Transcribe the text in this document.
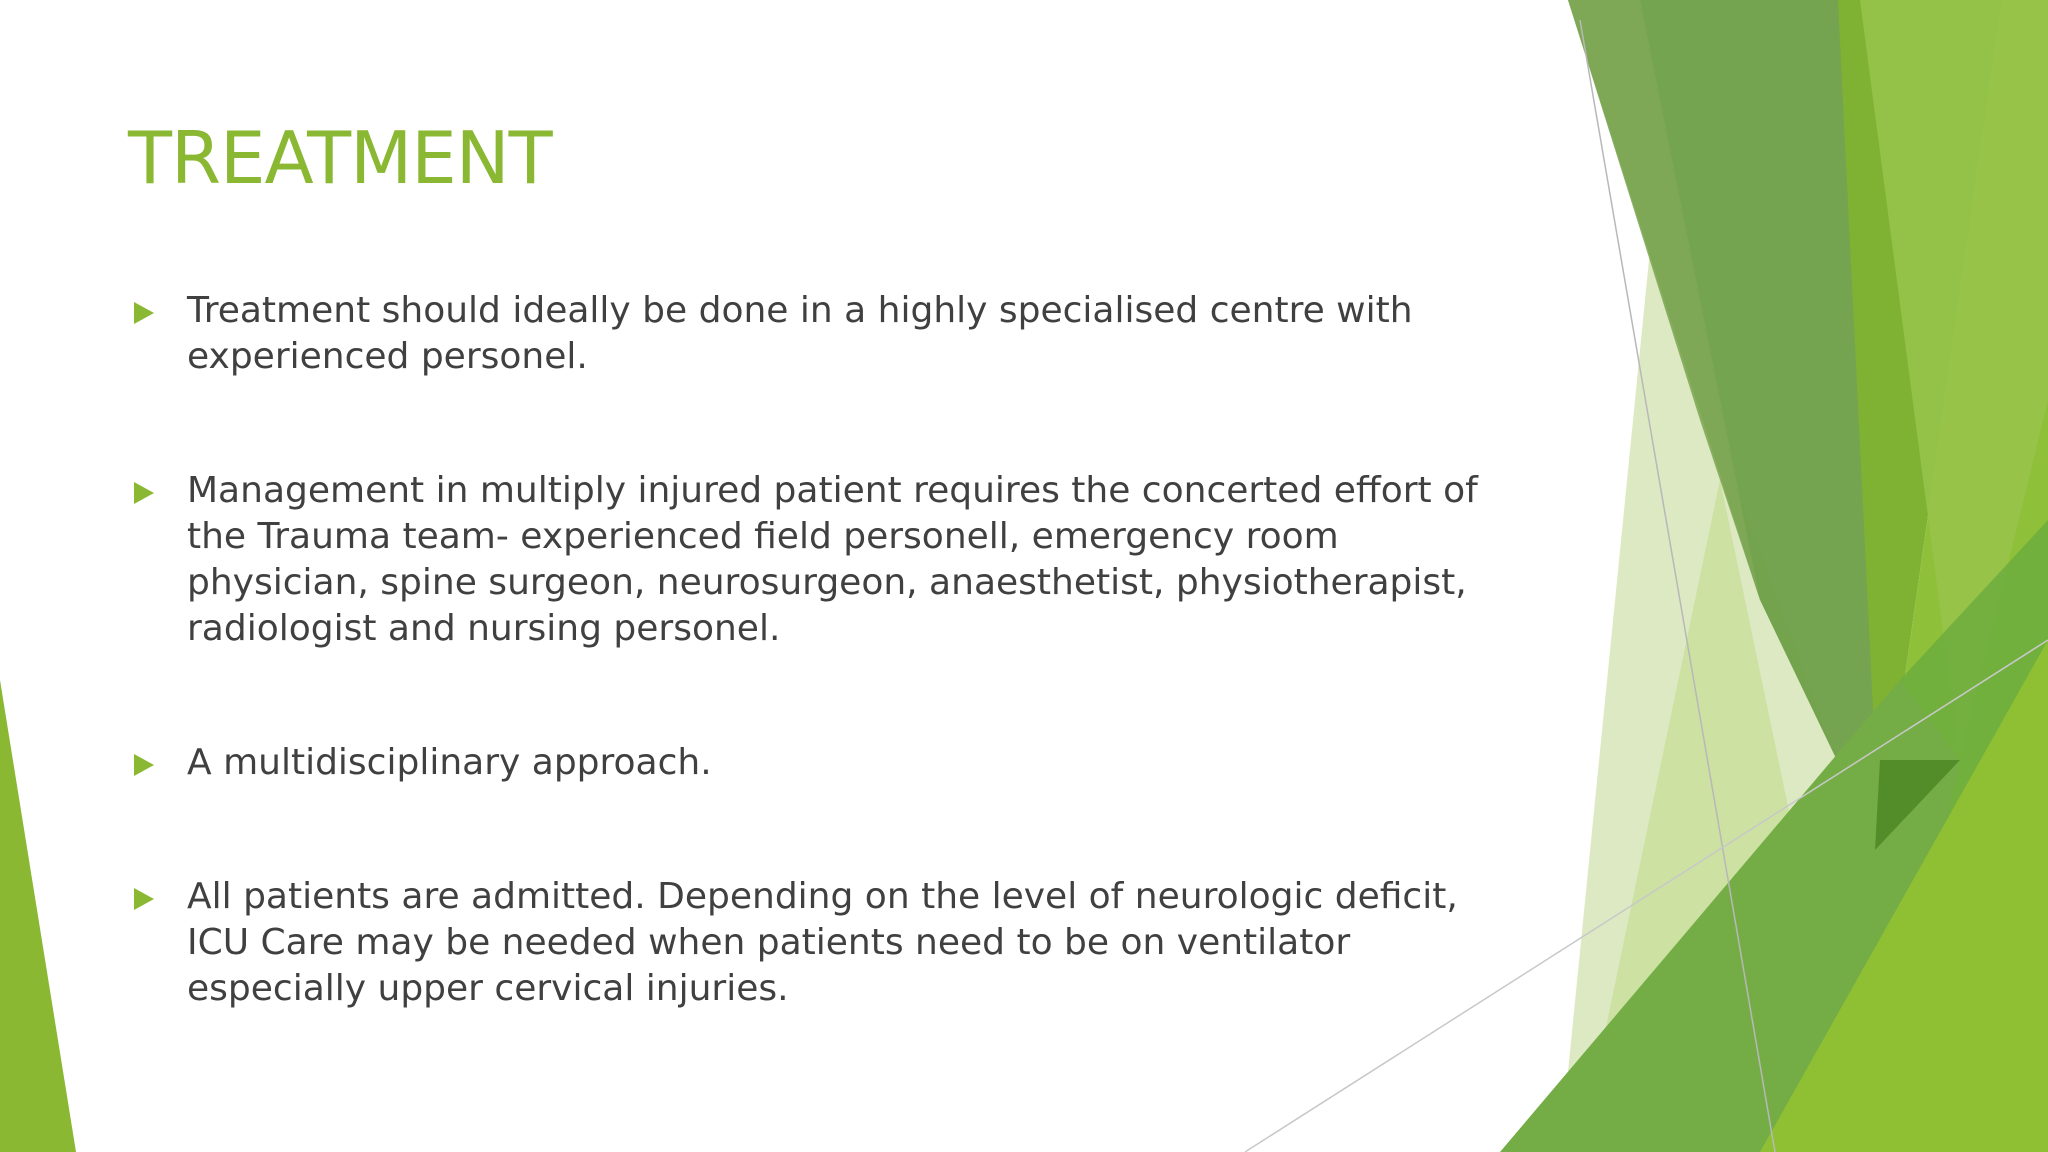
TREATMENT
Treatment should ideally be done in a highly specialised centre with experienced personel.
Management in multiply injured patient requires the concerted effort of the Trauma team- experienced field personell, emergency room physician, spine surgeon, neurosurgeon, anaesthetist, physiotherapist, radiologist and nursing personel.
A multidisciplinary approach.
All patients are admitted. Depending on the level of neurologic deficit, ICU Care may be needed when patients need to be on ventilator especially upper cervical injuries.
